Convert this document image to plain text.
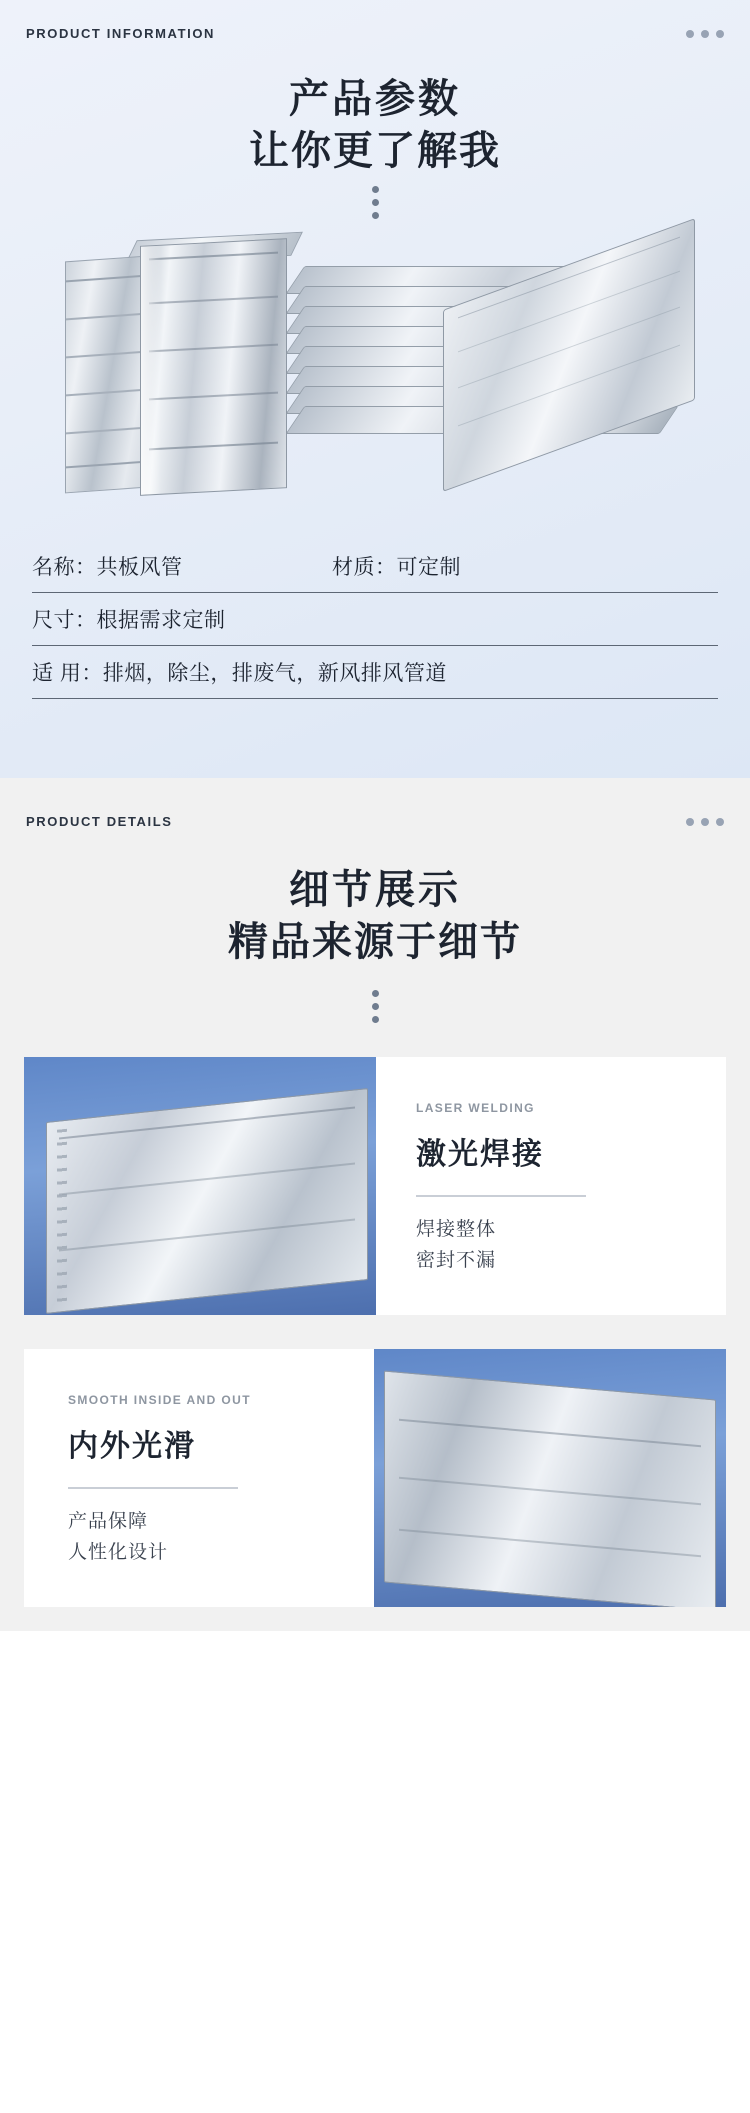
PRODUCT INFORMATION
产品参数
让你更了解我
名称：共板风管	材质：可定制
尺寸：根据需求定制
适 用：排烟，除尘，排废气，新风排风管道
PRODUCT DETAILS
细节展示
精品来源于细节
LASER WELDING
激光焊接
焊接整体
密封不漏
SMOOTH INSIDE AND OUT
内外光滑
产品保障
人性化设计
